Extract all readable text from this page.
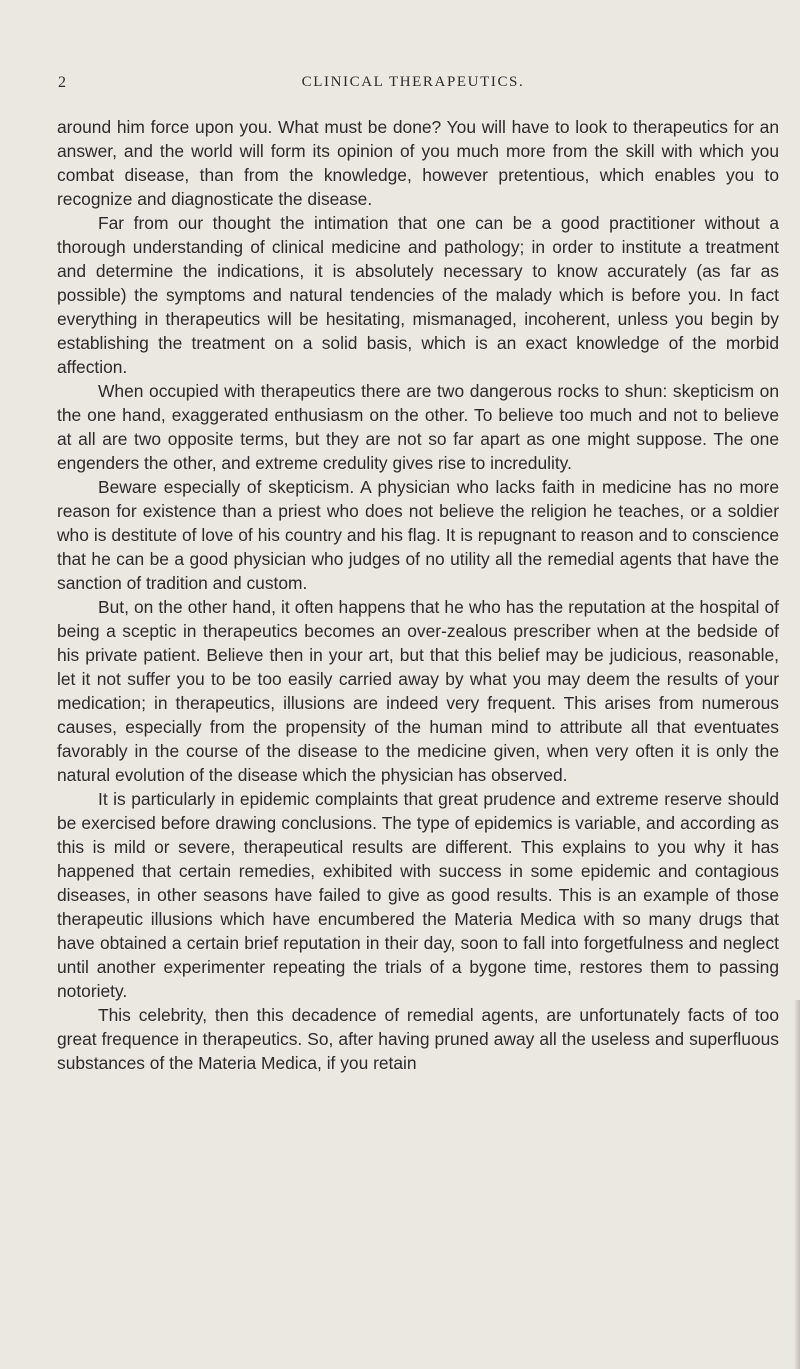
2	CLINICAL THERAPEUTICS.

around him force upon you. What must be done? You will have to look to therapeutics for an answer, and the world will form its opinion of you much more from the skill with which you combat disease, than from the knowledge, however pretentious, which enables you to recognize and diagnosticate the disease.

Far from our thought the intimation that one can be a good practitioner without a thorough understanding of clinical medicine and pathology; in order to institute a treatment and determine the indications, it is absolutely necessary to know accurately (as far as possible) the symptoms and natural tendencies of the malady which is before you. In fact everything in therapeutics will be hesitating, mismanaged, incoherent, unless you begin by establishing the treatment on a solid basis, which is an exact knowledge of the morbid affection.

When occupied with therapeutics there are two dangerous rocks to shun: skepticism on the one hand, exaggerated enthusiasm on the other. To believe too much and not to believe at all are two opposite terms, but they are not so far apart as one might suppose. The one engenders the other, and extreme credulity gives rise to incredulity.

Beware especially of skepticism. A physician who lacks faith in medicine has no more reason for existence than a priest who does not believe the religion he teaches, or a soldier who is destitute of love of his country and his flag. It is repugnant to reason and to conscience that he can be a good physician who judges of no utility all the remedial agents that have the sanction of tradition and custom.

But, on the other hand, it often happens that he who has the reputation at the hospital of being a sceptic in therapeutics becomes an over-zealous prescriber when at the bedside of his private patient. Believe then in your art, but that this belief may be judicious, reasonable, let it not suffer you to be too easily carried away by what you may deem the results of your medication; in therapeutics, illusions are indeed very frequent. This arises from numerous causes, especially from the propensity of the human mind to attribute all that eventuates favorably in the course of the disease to the medicine given, when very often it is only the natural evolution of the disease which the physician has observed.

It is particularly in epidemic complaints that great prudence and extreme reserve should be exercised before drawing conclusions. The type of epidemics is variable, and according as this is mild or severe, therapeutical results are different. This explains to you why it has happened that certain remedies, exhibited with success in some epidemic and contagious diseases, in other seasons have failed to give as good results. This is an example of those therapeutic illusions which have encumbered the Materia Medica with so many drugs that have obtained a certain brief reputation in their day, soon to fall into forgetfulness and neglect until another experimenter repeating the trials of a bygone time, restores them to passing notoriety.

This celebrity, then this decadence of remedial agents, are unfortunately facts of too great frequence in therapeutics. So, after having pruned away all the useless and superfluous substances of the Materia Medica, if you retain
